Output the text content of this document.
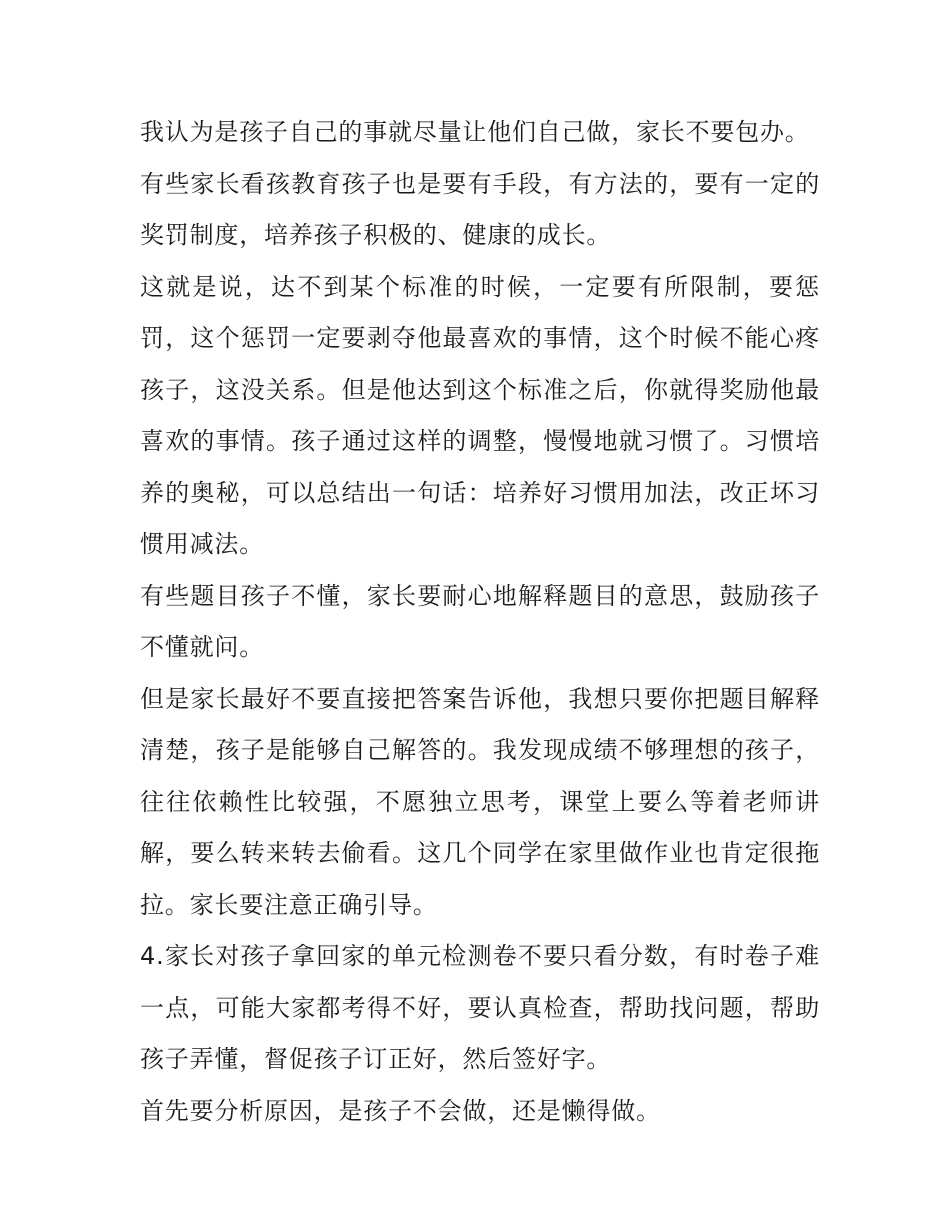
我认为是孩子自己的事就尽量让他们自己做，家长不要包办。

有些家长看孩教育孩子也是要有手段，有方法的，要有一定的奖罚制度，培养孩子积极的、健康的成长。

这就是说，达不到某个标准的时候，一定要有所限制，要惩罚，这个惩罚一定要剥夺他最喜欢的事情，这个时候不能心疼孩子，这没关系。但是他达到这个标准之后，你就得奖励他最喜欢的事情。孩子通过这样的调整，慢慢地就习惯了。习惯培养的奥秘，可以总结出一句话：培养好习惯用加法，改正坏习惯用减法。

有些题目孩子不懂，家长要耐心地解释题目的意思，鼓励孩子不懂就问。

但是家长最好不要直接把答案告诉他，我想只要你把题目解释清楚，孩子是能够自己解答的。我发现成绩不够理想的孩子，往往依赖性比较强，不愿独立思考，课堂上要么等着老师讲解，要么转来转去偷看。这几个同学在家里做作业也肯定很拖拉。家长要注意正确引导。

4.家长对孩子拿回家的单元检测卷不要只看分数，有时卷子难一点，可能大家都考得不好，要认真检查，帮助找问题，帮助孩子弄懂，督促孩子订正好，然后签好字。

首先要分析原因，是孩子不会做，还是懒得做。
